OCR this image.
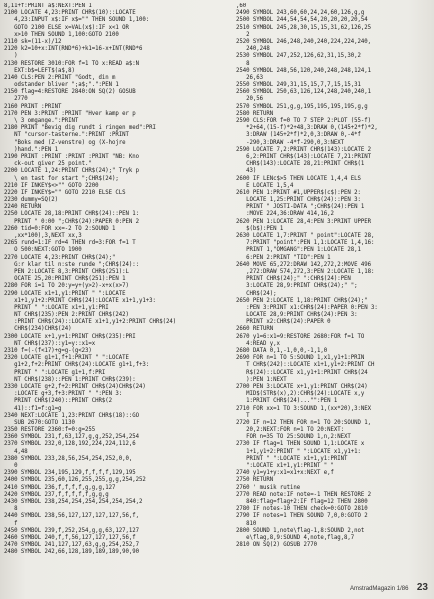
8,11+f:PRINT a$:NEXT:PEN 1
2100 LOCATE 4,23:PRINT CHR$(10)::LOCATE
4,23:INPUT x$:IF x$="" THEN SOUND 1,100:
GOTO 2100 ELSE x=VAL(x$):IF x<1 OR
x>10 THEN SOUND 1,100:GOTO 2100
2110 sk=(11-x)/12
2120 k2=10+x:INT(RND*6)+k1=16-x+INT(RND*6
)
2130 RESTORE 3010:FOR f=1 TO x:READ a$:N
EXT:b$=LEFT$(a$,8)
2140 CLS:PEN 2:PRINT "Godt, din m
odstander bliver ";a$;".":PEN 1
2150 flag=4:RESTORE 2840:ON SQ(2) GOSUB
2770
2160 PRINT :PRINT
2170 PEN 3:PRINT :PRINT "Hver kamp er p
\ 3 omgange.":PRINT
2180 PRINT "Bevig dig rundt i ringen med":PRI
NT "cursor-tasterne.":PRINT :PRINT
"Boks med (Z-venstre) og (X-hojre
)hand.":PEN 1
2190 PRINT :PRINT :PRINT :PRINT "NB: Kno
ck-out giver 25 point."
2200 LOCATE 1,24:PRINT CHR$(24);" Tryk p
\ en tast for start ";CHR$(24);
2210 IF INKEY$<>"" GOTO 2200
2220 IF INKEY$="" GOTO 2210 ELSE CLS
2230 dummy=SQ(2)
2240 RETURN
2250 LOCATE 28,18:PRINT CHR$(24)::PEN 1:
PRINT " 0:00 ";CHR$(24):PAPER 0:PEN 2
2260 tid=0:FOR xx=-2 TO 2:SOUND 1
,xx*100),3,NEXT xx,3
2265 rund=1:IF rd=4 THEN rd=3:FOR f=1 T
O 500:NEXT:GOTO 1900
2270 LOCATE 4,23:PRINT CHR$(24);"
G:r klar til n:ste runde ";CHR$(24)::
PEN 2:LOCATE 8,3:PRINT CHR$(251):L
OCATE 25,20:PRINT CHR$(251):PEN 1
2280 FOR i=1 TO 20:y=y+(y>2)-x+x(x>7)
2290 LOCATE x1+1,y1:PRINT " ":LOCATE
x1+1,y1+2:PRINT CHR$(24):LOCATE x1+1,y1+3:
PRINT " ":LOCATE x1+1,y1:PRI
NT CHR$(235):PEN 2:PRINT CHR$(242)
:PRINT CHR$(24)::LOCATE x1+1,y1+2:PRINT CHR$(24)
CHR$(234)CHR$(24)
2300 LOCATE x+1,y+1:PRINT CHR$(235):PRI
NT CHR$(237)::y1=y::x1=x
2310 f=(-(f<17)+g=g-(g<23)
2320 LOCATE g1+1,f+1:PRINT " ":LOCATE
g1+2,f+2:PRINT CHR$(24):LOCATE g1+1,f+3:
PRINT " ":LOCATE g1+1,f:PRI
NT CHR$(238)::PEN 1:PRINT CHR$(239):
2330 LOCATE g+2,f+2:PRINT CHR$(24)CHR$(24)
:LOCATE g+3,f+3:PRINT " ":PEN 3:
PRINT CHR$(240)::PRINT CHR$(2
41)::f1=f:g1=g
2340 NEXT:LOCATE 1,23:PRINT CHR$(18)::GO
SUB 2670:GOTO 1130
2350 RESTORE 2360:f=0:g=255
2360 SYMBOL 231,f,63,127,g,g,252,254,254
2370 SYMBOL 232,0,128,192,224,224,112,6
4,48
2380 SYMBOL 233,28,56,254,254,252,0,0,
0
2390 SYMBOL 234,195,129,f,f,f,f,129,195
2400 SYMBOL 235,60,126,255,255,g,g,254,252
2410 SYMBOL 236,f,f,f,f,g,g,g,127
2420 SYMBOL 237,f,f,f,f,f,g,g,g
2430 SYMBOL 238,254,254,254,254,254,254,2
8
2440 SYMBOL 238,56,127,127,127,127,56,f,
f
2450 SYMBOL 239,f,252,254,g,g,63,127,127
2460 SYMBOL 240,f,f,56,127,127,127,56,f
2470 SYMBOL 241,127,127,63,g,g,254,252,7
2480 SYMBOL 242,66,128,189,189,189,90,90
,60
2490 SYMBOL 243,60,60,24,24,60,126,g,g
2500 SYMBOL 244,54,54,54,20,20,20,20,54
2510 SYMBOL 245,28,30,15,15,31,62,126,25
2
2520 SYMBOL 246,248,240,240,224,224,240,
240,248
2530 SYMBOL 247,252,126,62,31,15,30,2
8
2540 SYMBOL 248,56,120,240,248,248,124,1
26,63
2550 SYMBOL 249,31,15,15,7,7,15,15,31
2560 SYMBOL 250,63,126,124,248,240,240,1
20,56
2570 SYMBOL 251,g,g,195,195,195,195,g,g
2580 RETURN
2590 CLS:FOR f=0 TO 7 STEP 2:PLOT (55-f)
*2+64,(15-f)*2+48,3:DRAW 0,(145+2*f)*2,
3:DRAW (145+2*f)*2,0,3:DRAW 0,-4*f
-290,3:DRAW -4*f-290,0,3:NEXT
2590 LOCATE 7,2:PRINT CHR$(143):LOCATE 2
6,2:PRINT CHR$(143):LOCATE 7,21:PRINT
CHR$(143):LOCATE 28,21:PRINT CHR$(1
43)
2600 IF LENc$>5 THEN LOCATE 1,4,4 ELS
E LOCATE 1,5,4
2610 PEN 1:PRINT #1,UPPER$(c$):PEN 2:
LOCATE 1,25:PRINT CHR$(24)::PEN 3:
PRINT " JOSTI-DATA ";CHR$(24):PEN 1
:MOVE 224,36:DRAW 414,16,2
2620 PEN 1:LOCATE 28,4:PEN 3:PRINT UPPER
$(b$):PEN 1
2630 LOCATE 1,7:PRINT " point":LOCATE 28,
7:PRINT "point":PEN 1,1:LOCATE 1,4,16:
PRINT 1,"OMGANG":PEN 1:LOCATE 28,1
6:PEN 2:PRINT "TID":PEN 1
2640 MOVE 65,272:DRAW 142,272,2:MOVE 496
,272:DRAW 574,272,3:PEN 2:LOCATE 1,18:
PRINT CHR$(24);" ":CHR$(24):PEN
3:LOCATE 28,9:PRINT CHR$(24);" ";
CHR$(24);
2650 PEN 2:LOCATE 1,18:PRINT CHR$(24);"
:PEN 3:PRINT x1:CHR$(24):PAPER 0:PEN 3:
LOCATE 28,9:PRINT CHR$(24):PEN 3:
PRINT x2:CHR$(24):PAPER 0
2660 RETURN
2670 y1=6:x1=9:RESTORE 2680:FOR f=1 TO
4:READ y,x
2680 DATA 0,1,-1,0,0,-1,1,0
2690 FOR n=1 TO 5:SOUND 1,x1,y1+1:PRIN
T CHR$(242)::LOCATE x1+1,y1+2:PRINT CH
R$(24)::LOCATE x1,y1+1:PRINT CHR$(24
):PEN 1:NEXT
2700 PEN 3:LOCATE x+1,y1:PRINT CHR$(24)
MID$(STR$(x),2):CHR$(24):LOCATE x,y
1:PRINT CHR$(24)..."":PEN 1
2710 FOR xx=1 TO 3:SOUND 1,(xx*20),3:NEX
T
2720 IF n=12 THEN FOR n=1 TO 20:SOUND 1,
20,2:NEXT:FOR n=1 TO 20:NEXT:
FOR n=35 TO 25:SOUND 1,n,2:NEXT
2730 IF flag=1 THEN SOUND 1,1:LOCATE x
1+1,y1+2:PRINT " ":LOCATE x1,y1+1:
PRINT " ":LOCATE x1+1,y1:PRINT
":LOCATE x1+1,y1:PRINT " "
2740 y1=y1+y:x1=x1+x:NEXT e,f
2750 RETURN
2760 ' musik rutine
2770 READ note:IF note=-1 THEN RESTORE 2
840:flag=flag+2:IF flag=12 THEN 2800
2780 IF notes-10 THEN check=0:GOTO 2810
2790 IF notes=1 THEN SOUND 7,0,0:GOTO 2
810
2800 SOUND 1,note\flag-1,8:SOUND 2,not
e\flag,8,9:SOUND 4,note,flag,8,7
2810 ON SQ(2) GOSUB 2770
AmstradMagazin 1/86 23
